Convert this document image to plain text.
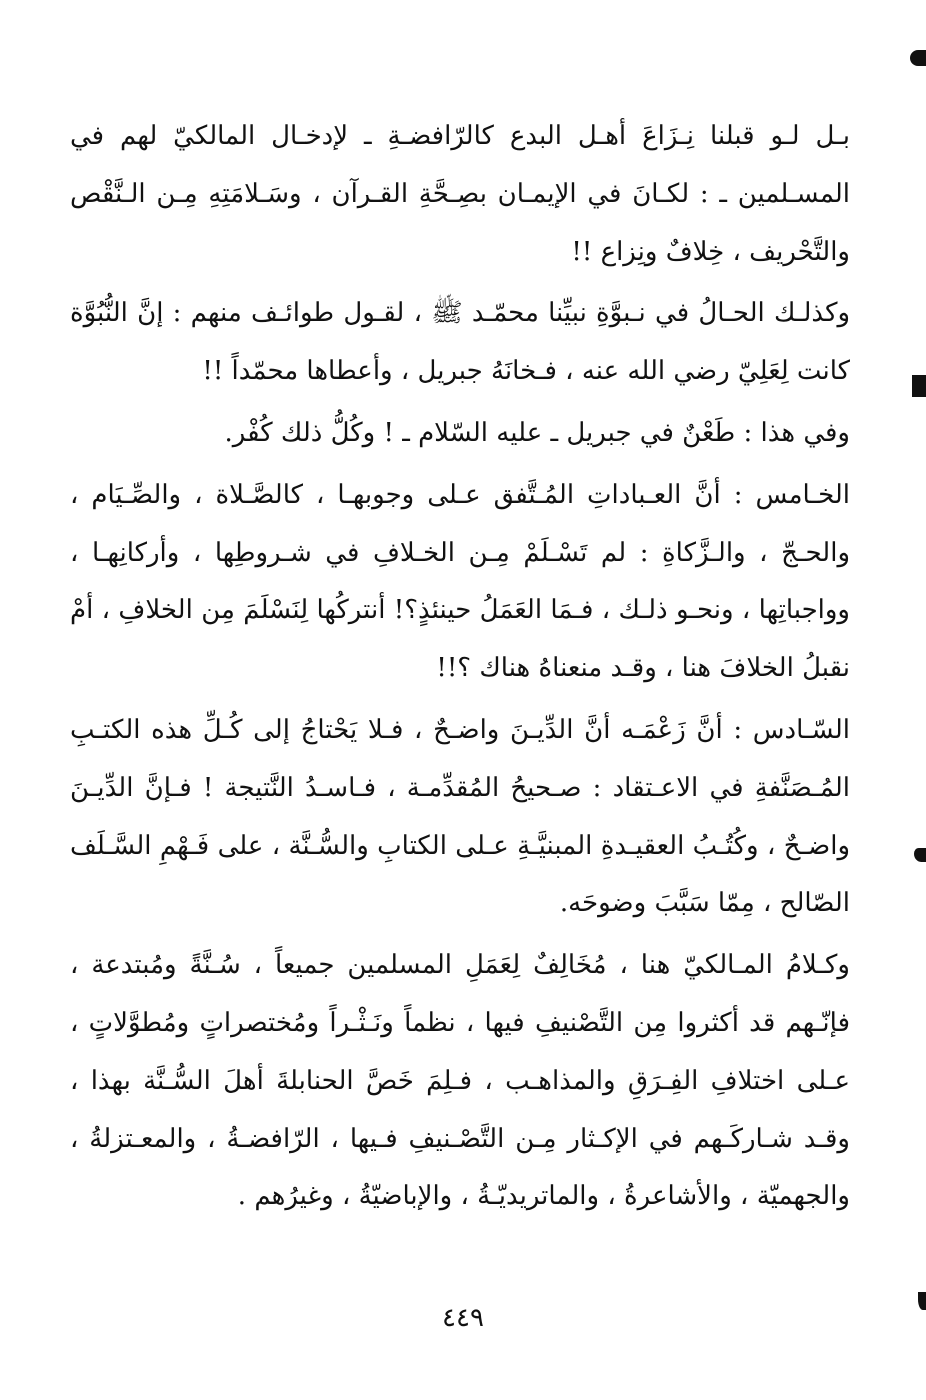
بـل لـو قبلنا نِـزَاعَ أهـل البدع كالرّافضـةِ ـ لإدخـال المالكيّ لهم في المسـلمين ـ : لكـانَ في الإيمـان بصِـحَّةِ القـرآن ، وسَـلامَتِهِ مِـن الـنَّقْص والتَّحْريف ، خِلافٌ ونِزاع !!

وكذلـك الحـالُ في نـبوَّةِ نبيِّنا محمّـد ﷺ ، لقـول طوائـف منهم : إنَّ النُّبُوَّة كانت لِعَلِيّ رضي الله عنه ، فـخانَهُ جبريل ، وأعطاها محمّداً !!

وفي هذا : طَعْنٌ في جبريل ـ عليه السّلام ـ ! وكُلُّ ذلك كُفْر.

الخـامس : أنَّ العـباداتِ المُـتَّفق عـلى وجوبهـا ، كالصَّـلاة ، والصِّـيَام ، والحـجّ ، والـزَّكاةِ : لم تَسْـلَمْ مِـن الخـلافِ في شـروطِها ، وأركانِهـا ، وواجباتِها ، ونحـو ذلـك ، فـمَا العَمَلُ حينئذٍ؟! أنتركُها لِنَسْلَمَ مِن الخلافِ ، أمْ نقبلُ الخلافَ هنا ، وقـد منعناهُ هناك ؟!!

السّـادس : أنَّ زَعْمَـه أنَّ الدِّيـنَ واضـحٌ ، فـلا يَحْتاجُ إلى كُـلِّ هذه الكتـبِ المُـصَنَّفةِ في الاعـتقاد : صـحيحُ المُقدِّمـة ، فـاسـدُ النَّتيجة ! فـإنَّ الدِّيـنَ واضـحٌ ، وكُتُـبُ العقيـدةِ المبنيَّـةِ عـلى الكتابِ والسُّـنَّة ، على فَـهْمِ السَّـلَف الصّالح ، مِمّا سَبَّبَ وضوحَه.

وكـلامُ المـالكيّ هنا ، مُخَالِفٌ لِعَمَلِ المسلمين جميعاً ، سُـنَّةً ومُبتدعة ، فإنّـهم قد أكثروا مِن التَّصْنيفِ فيها ، نظماً ونَـثْـراً ومُختصراتٍ ومُطوَّلاتٍ ، عـلى اختلافِ الفِـرَقِ والمذاهـب ، فـلِمَ خَصَّ الحنابلةَ أهلَ السُّـنَّة بهذا ، وقـد شـاركَـهم في الإكـثار مِـن التَّصْـنيفِ فـيها ، الرّافضـةُ ، والمعـتزلةُ ، والجهميّة ، والأشاعرةُ ، والماتريديّـةُ ، والإباضيّةُ ، وغيرُهم .

٤٤٩
